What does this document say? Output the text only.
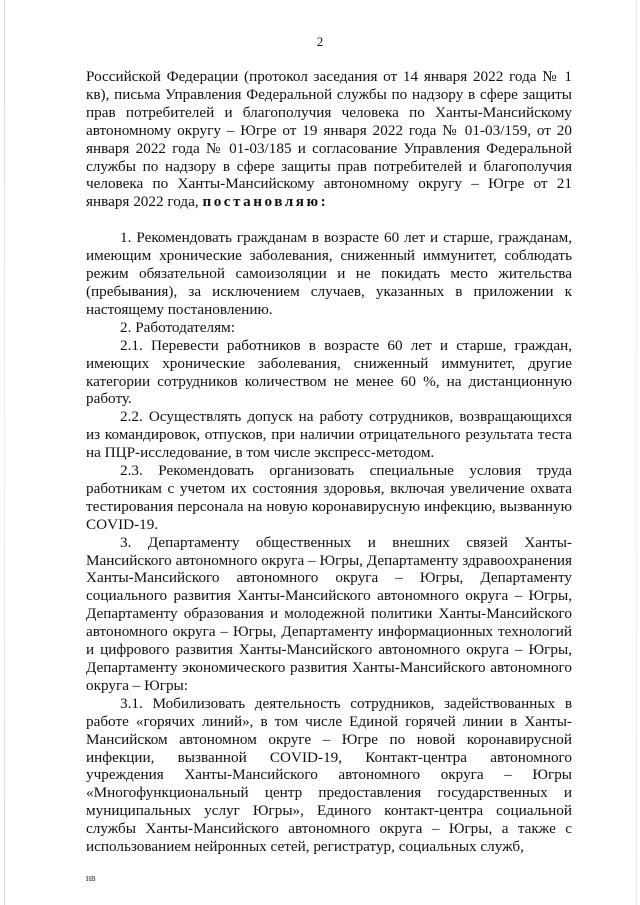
2

Российской Федерации (протокол заседания от 14 января 2022 года № 1 кв), письма Управления Федеральной службы по надзору в сфере защиты прав потребителей и благополучия человека по Ханты-Мансийскому автономному округу – Югре от 19 января 2022 года № 01-03/159, от 20 января 2022 года № 01-03/185 и согласование Управления Федеральной службы по надзору в сфере защиты прав потребителей и благополучия человека по Ханты-Мансийскому автономному округу – Югре от 21 января 2022 года, постановляю:

1. Рекомендовать гражданам в возрасте 60 лет и старше, гражданам, имеющим хронические заболевания, сниженный иммунитет, соблюдать режим обязательной самоизоляции и не покидать место жительства (пребывания), за исключением случаев, указанных в приложении к настоящему постановлению.

2. Работодателям:

2.1. Перевести работников в возрасте 60 лет и старше, граждан, имеющих хронические заболевания, сниженный иммунитет, другие категории сотрудников количеством не менее 60 %, на дистанционную работу.

2.2. Осуществлять допуск на работу сотрудников, возвращающихся из командировок, отпусков, при наличии отрицательного результата теста на ПЦР-исследование, в том числе экспресс-методом.

2.3. Рекомендовать организовать специальные условия труда работникам с учетом их состояния здоровья, включая увеличение охвата тестирования персонала на новую коронавирусную инфекцию, вызванную COVID-19.

3. Департаменту общественных и внешних связей Ханты-Мансийского автономного округа – Югры, Департаменту здравоохранения Ханты-Мансийского автономного округа – Югры, Департаменту социального развития Ханты-Мансийского автономного округа – Югры, Департаменту образования и молодежной политики Ханты-Мансийского автономного округа – Югры, Департаменту информационных технологий и цифрового развития Ханты-Мансийского автономного округа – Югры, Департаменту экономического развития Ханты-Мансийского автономного округа – Югры:

3.1. Мобилизовать деятельность сотрудников, задействованных в работе «горячих линий», в том числе Единой горячей линии в Ханты-Мансийском автономном округе – Югре по новой коронавирусной инфекции, вызванной COVID-19, Контакт-центра автономного учреждения Ханты-Мансийского автономного округа – Югры «Многофункциональный центр предоставления государственных и муниципальных услуг Югры», Единого контакт-центра социальной службы Ханты-Мансийского автономного округа – Югры, а также с использованием нейронных сетей, регистратур, социальных служб,

НВ
